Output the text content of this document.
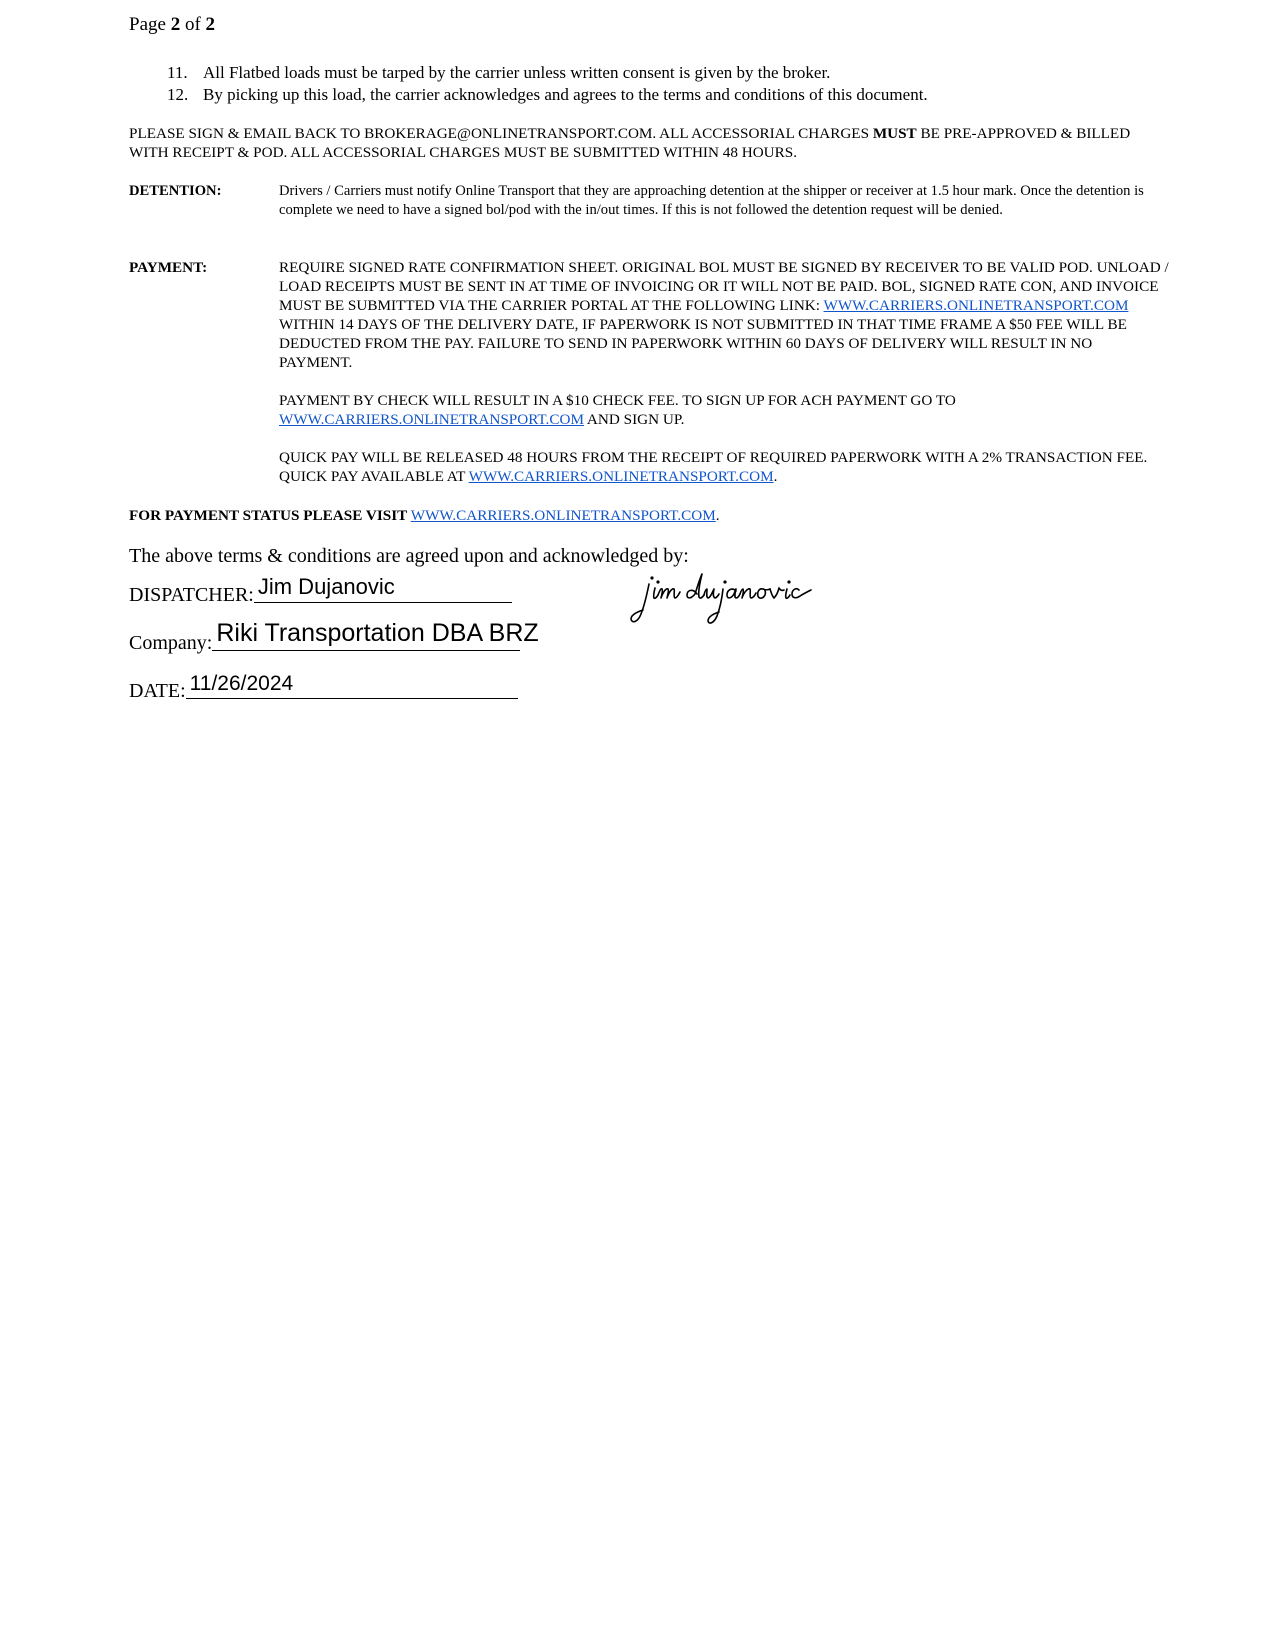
Page 2 of 2
11. All Flatbed loads must be tarped by the carrier unless written consent is given by the broker.
12. By picking up this load, the carrier acknowledges and agrees to the terms and conditions of this document.
PLEASE SIGN & EMAIL BACK TO BROKERAGE@ONLINETRANSPORT.COM. ALL ACCESSORIAL CHARGES MUST BE PRE-APPROVED & BILLED WITH RECEIPT & POD. ALL ACCESSORIAL CHARGES MUST BE SUBMITTED WITHIN 48 HOURS.
DETENTION:	Drivers / Carriers must notify Online Transport that they are approaching detention at the shipper or receiver at 1.5 hour mark. Once the detention is complete we need to have a signed bol/pod with the in/out times. If this is not followed the detention request will be denied.
PAYMENT:	REQUIRE SIGNED RATE CONFIRMATION SHEET. ORIGINAL BOL MUST BE SIGNED BY RECEIVER TO BE VALID POD. UNLOAD / LOAD RECEIPTS MUST BE SENT IN AT TIME OF INVOICING OR IT WILL NOT BE PAID. BOL, SIGNED RATE CON, AND INVOICE MUST BE SUBMITTED VIA THE CARRIER PORTAL AT THE FOLLOWING LINK: WWW.CARRIERS.ONLINETRANSPORT.COM WITHIN 14 DAYS OF THE DELIVERY DATE, IF PAPERWORK IS NOT SUBMITTED IN THAT TIME FRAME A $50 FEE WILL BE DEDUCTED FROM THE PAY. FAILURE TO SEND IN PAPERWORK WITHIN 60 DAYS OF DELIVERY WILL RESULT IN NO PAYMENT.

PAYMENT BY CHECK WILL RESULT IN A $10 CHECK FEE. TO SIGN UP FOR ACH PAYMENT GO TO WWW.CARRIERS.ONLINETRANSPORT.COM AND SIGN UP.

QUICK PAY WILL BE RELEASED 48 HOURS FROM THE RECEIPT OF REQUIRED PAPERWORK WITH A 2% TRANSACTION FEE. QUICK PAY AVAILABLE AT WWW.CARRIERS.ONLINETRANSPORT.COM.

FOR PAYMENT STATUS PLEASE VISIT WWW.CARRIERS.ONLINETRANSPORT.COM.
The above terms & conditions are agreed upon and acknowledged by:
DISPATCHER: Jim Dujanovic
Company: Riki Transportation DBA BRZ
DATE: 11/26/2024
